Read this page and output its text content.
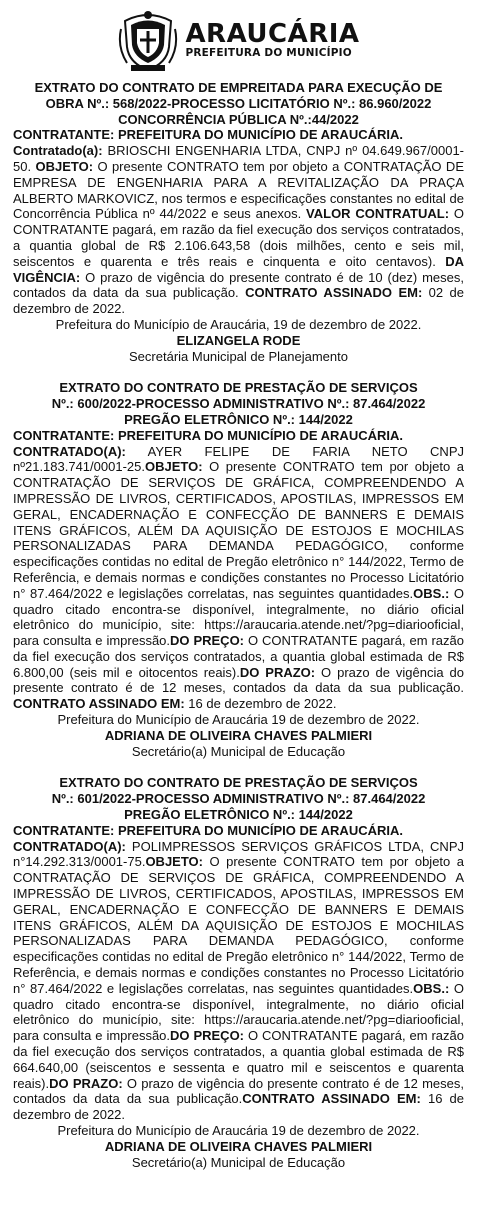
ARAUCÁRIA
PREFEITURA DO MUNICÍPIO
EXTRATO DO CONTRATO DE EMPREITADA PARA EXECUÇÃO DE
OBRA Nº.: 568/2022-PROCESSO LICITATÓRIO Nº.: 86.960/2022
CONCORRÊNCIA PÚBLICA Nº.:44/2022
CONTRATANTE: PREFEITURA DO MUNICÍPIO DE ARAUCÁRIA.
Contratado(a): BRIOSCHI ENGENHARIA LTDA, CNPJ nº 04.649.967/0001-50. OBJETO: O presente CONTRATO tem por objeto a CONTRATAÇÃO DE EMPRESA DE ENGENHARIA PARA A REVITALIZAÇÃO DA PRAÇA ALBERTO MARKOVICZ, nos termos e especificações constantes no edital de Concorrência Pública nº 44/2022 e seus anexos. VALOR CONTRATUAL: O CONTRATANTE pagará, em razão da fiel execução dos serviços contratados, a quantia global de R$ 2.106.643,58 (dois milhões, cento e seis mil, seiscentos e quarenta e três reais e cinquenta e oito centavos). DA VIGÊNCIA: O prazo de vigência do presente contrato é de 10 (dez) meses, contados da data da sua publicação. CONTRATO ASSINADO EM: 02 de dezembro de 2022.
Prefeitura do Município de Araucária, 19 de dezembro de 2022.
ELIZANGELA RODE
Secretária Municipal de Planejamento
EXTRATO DO CONTRATO DE PRESTAÇÃO DE SERVIÇOS
Nº.: 600/2022-PROCESSO ADMINISTRATIVO Nº.: 87.464/2022
PREGÃO ELETRÔNICO Nº.: 144/2022
CONTRATANTE: PREFEITURA DO MUNICÍPIO DE ARAUCÁRIA.
CONTRATADO(A): AYER FELIPE DE FARIA NETO CNPJ nº21.183.741/0001-25.OBJETO: O presente CONTRATO tem por objeto a CONTRATAÇÃO DE SERVIÇOS DE GRÁFICA, COMPREENDENDO A IMPRESSÃO DE LIVROS, CERTIFICADOS, APOSTILAS, IMPRESSOS EM GERAL, ENCADERNAÇÃO E CONFECÇÃO DE BANNERS E DEMAIS ITENS GRÁFICOS, ALÉM DA AQUISIÇÃO DE ESTOJOS E MOCHILAS PERSONALIZADAS PARA DEMANDA PEDAGÓGICO, conforme especificações contidas no edital de Pregão eletrônico n° 144/2022, Termo de Referência, e demais normas e condições constantes no Processo Licitatório n° 87.464/2022 e legislações correlatas, nas seguintes quantidades.OBS.: O quadro citado encontra-se disponível, integralmente, no diário oficial eletrônico do município, site: https://araucaria.atende.net/?pg=diariooficial, para consulta e impressão.DO PREÇO: O CONTRATANTE pagará, em razão da fiel execução dos serviços contratados, a quantia global estimada de R$ 6.800,00 (seis mil e oitocentos reais).DO PRAZO: O prazo de vigência do presente contrato é de 12 meses, contados da data da sua publicação. CONTRATO ASSINADO EM: 16 de dezembro de 2022.
Prefeitura do Município de Araucária 19 de dezembro de 2022.
ADRIANA DE OLIVEIRA CHAVES PALMIERI
Secretário(a) Municipal de Educação
EXTRATO DO CONTRATO DE PRESTAÇÃO DE SERVIÇOS
Nº.: 601/2022-PROCESSO ADMINISTRATIVO Nº.: 87.464/2022
PREGÃO ELETRÔNICO Nº.: 144/2022
CONTRATANTE: PREFEITURA DO MUNICÍPIO DE ARAUCÁRIA.
CONTRATADO(A): POLIMPRESSOS SERVIÇOS GRÁFICOS LTDA, CNPJ n°14.292.313/0001-75.OBJETO: O presente CONTRATO tem por objeto a CONTRATAÇÃO DE SERVIÇOS DE GRÁFICA, COMPREENDENDO A IMPRESSÃO DE LIVROS, CERTIFICADOS, APOSTILAS, IMPRESSOS EM GERAL, ENCADERNAÇÃO E CONFECÇÃO DE BANNERS E DEMAIS ITENS GRÁFICOS, ALÉM DA AQUISIÇÃO DE ESTOJOS E MOCHILAS PERSONALIZADAS PARA DEMANDA PEDAGÓGICO, conforme especificações contidas no edital de Pregão eletrônico n° 144/2022, Termo de Referência, e demais normas e condições constantes no Processo Licitatório n° 87.464/2022 e legislações correlatas, nas seguintes quantidades.OBS.: O quadro citado encontra-se disponível, integralmente, no diário oficial eletrônico do município, site: https://araucaria.atende.net/?pg=diariooficial, para consulta e impressão.DO PREÇO: O CONTRATANTE pagará, em razão da fiel execução dos serviços contratados, a quantia global estimada de R$ 664.640,00 (seiscentos e sessenta e quatro mil e seiscentos e quarenta reais).DO PRAZO: O prazo de vigência do presente contrato é de 12 meses, contados da data da sua publicação.CONTRATO ASSINADO EM: 16 de dezembro de 2022.
Prefeitura do Município de Araucária 19 de dezembro de 2022.
ADRIANA DE OLIVEIRA CHAVES PALMIERI
Secretário(a) Municipal de Educação
